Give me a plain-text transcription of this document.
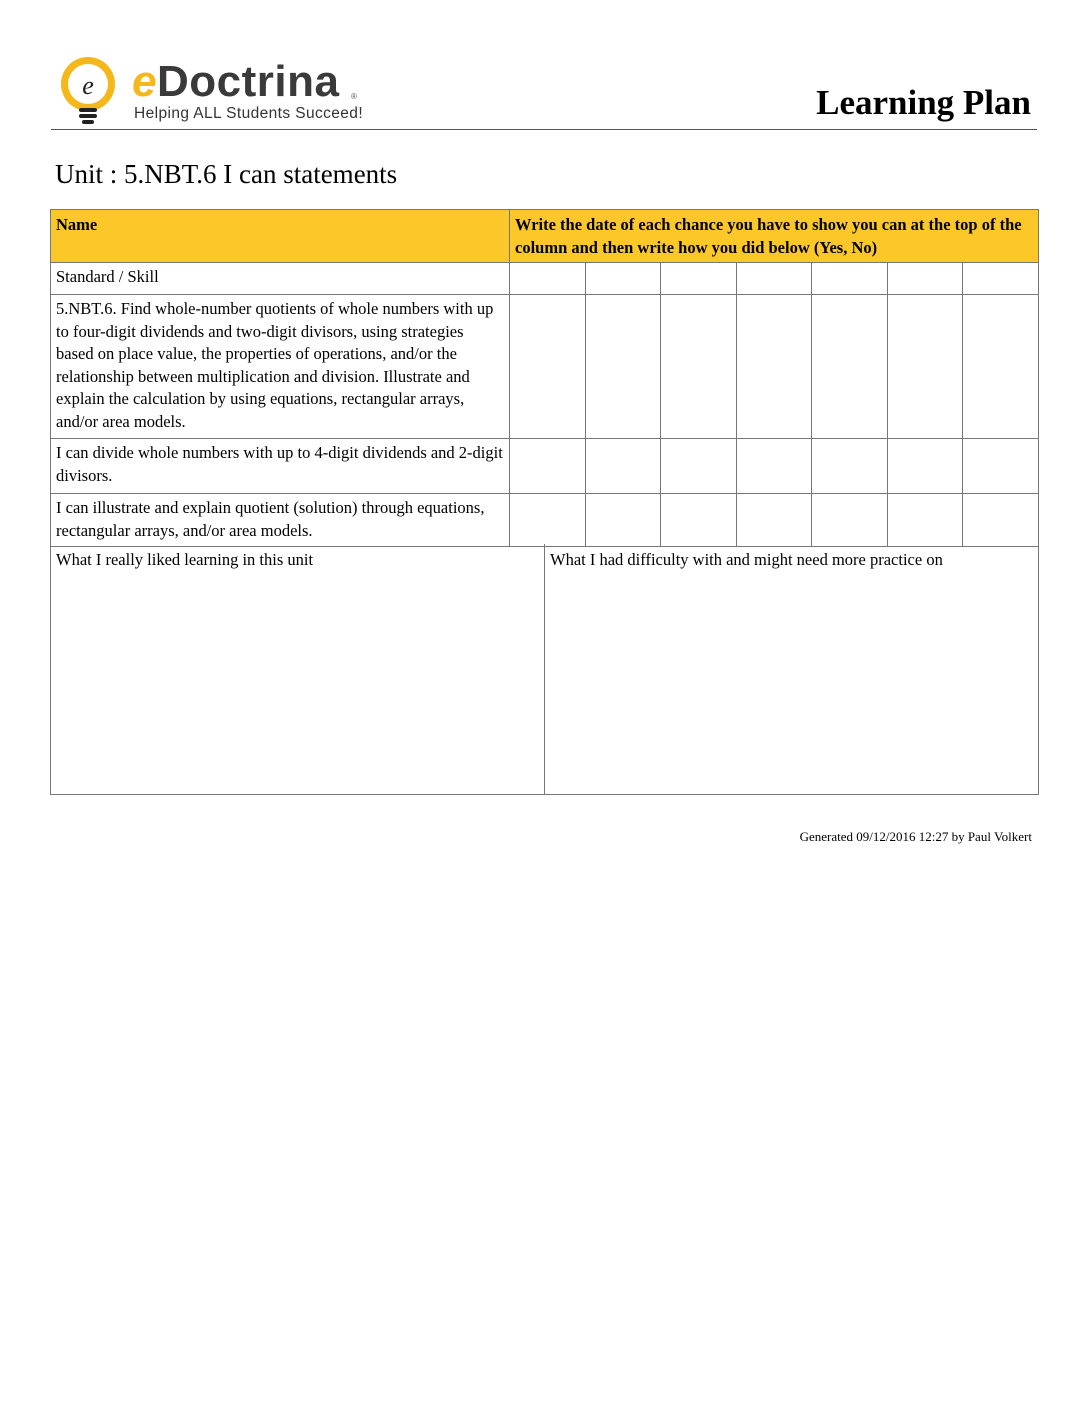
e eDoctrina ®
Helping ALL Students Succeed!	Learning Plan
Unit : 5.NBT.6 I can statements
Name	Write the date of each chance you have to show you can at the top of the column and then write how you did below (Yes, No)						
Standard / Skill							
5.NBT.6. Find whole-number quotients of whole numbers with up to four-digit dividends and two-digit divisors, using strategies based on place value, the properties of operations, and/or the relationship between multiplication and division. Illustrate and explain the calculation by using equations, rectangular arrays, and/or area models.							
I can divide whole numbers with up to 4-digit dividends and 2-digit divisors.							
I can illustrate and explain quotient (solution) through equations, rectangular arrays, and/or area models.							
What I really liked learning in this unit	What I had difficulty with and might need more practice on
Generated 09/12/2016 12:27 by Paul Volkert
